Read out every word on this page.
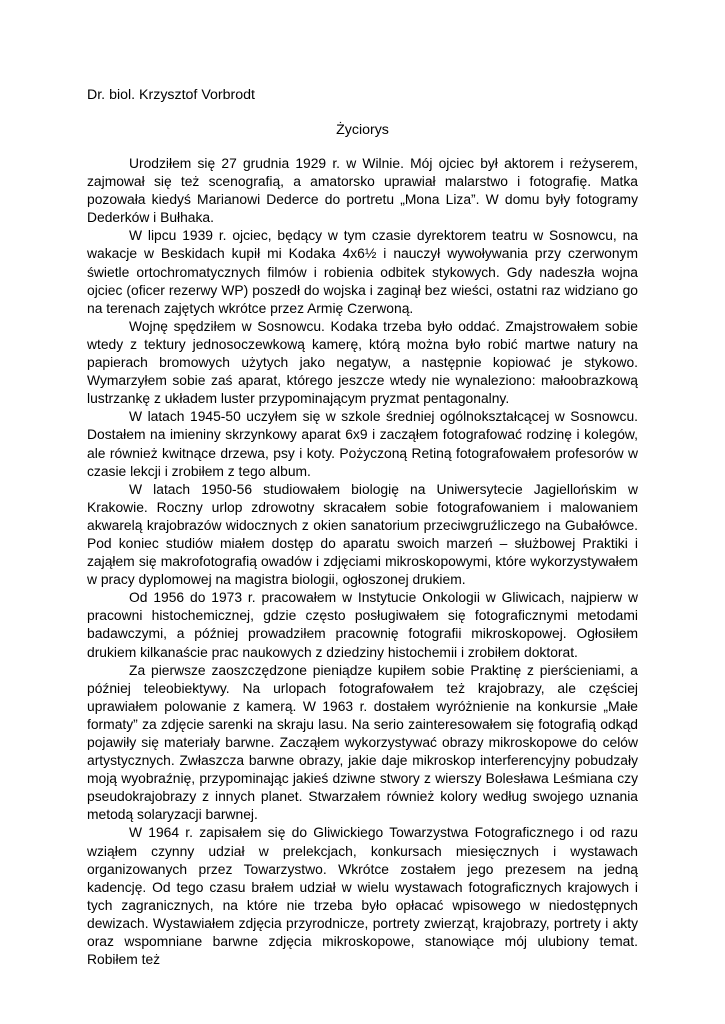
Dr. biol. Krzysztof Vorbrodt
Życiorys

Urodziłem się 27 grudnia 1929 r. w Wilnie. Mój ojciec był aktorem i reżyserem, zajmował się też scenografią, a amatorsko uprawiał malarstwo i fotografię. Matka pozowała kiedyś Marianowi Dederce do portretu „Mona Liza”. W domu były fotogramy Dederków i Bułhaka.

W lipcu 1939 r. ojciec, będący w tym czasie dyrektorem teatru w Sosnowcu, na wakacje w Beskidach kupił mi Kodaka 4x6½ i nauczył wywoływania przy czerwonym świetle ortochromatycznych filmów i robienia odbitek stykowych. Gdy nadeszła wojna ojciec (oficer rezerwy WP) poszedł do wojska i zaginął bez wieści, ostatni raz widziano go na terenach zajętych wkrótce przez Armię Czerwoną.

Wojnę spędziłem w Sosnowcu. Kodaka trzeba było oddać. Zmajstrowałem sobie wtedy z tektury jednosoczewkową kamerę, którą można było robić martwe natury na papierach bromowych użytych jako negatyw, a następnie kopiować je stykowo. Wymarzyłem sobie zaś aparat, którego jeszcze wtedy nie wynaleziono: małoobrazkową lustrzankę z układem luster przypominającym pryzmat pentagonalny.

W latach 1945-50 uczyłem się w szkole średniej ogólnokształcącej w Sosnowcu. Dostałem na imieniny skrzynkowy aparat 6x9 i zacząłem fotografować rodzinę i kolegów, ale również kwitnące drzewa, psy i koty. Pożyczoną Retiną fotografowałem profesorów w czasie lekcji i zrobiłem z tego album.

W latach 1950-56 studiowałem biologię na Uniwersytecie Jagiellońskim w Krakowie. Roczny urlop zdrowotny skracałem sobie fotografowaniem i malowaniem akwarelą krajobrazów widocznych z okien sanatorium przeciwgruźliczego na Gubałówce. Pod koniec studiów miałem dostęp do aparatu swoich marzeń – służbowej Praktiki i zająłem się makrofotografią owadów i zdjęciami mikroskopowymi, które wykorzystywałem w pracy dyplomowej na magistra biologii, ogłoszonej drukiem.

Od 1956 do 1973 r. pracowałem w Instytucie Onkologii w Gliwicach, najpierw w pracowni histochemicznej, gdzie często posługiwałem się fotograficznymi metodami badawczymi, a później prowadziłem pracownię fotografii mikroskopowej. Ogłosiłem drukiem kilkanaście prac naukowych z dziedziny histochemii i zrobiłem doktorat.

Za pierwsze zaoszczędzone pieniądze kupiłem sobie Praktinę z pierścieniami, a później teleobiektywy. Na urlopach fotografowałem też krajobrazy, ale częściej uprawiałem polowanie z kamerą. W 1963 r. dostałem wyróżnienie na konkursie „Małe formaty” za zdjęcie sarenki na skraju lasu. Na serio zainteresowałem się fotografią odkąd pojawiły się materiały barwne. Zacząłem wykorzystywać obrazy mikroskopowe do celów artystycznych. Zwłaszcza barwne obrazy, jakie daje mikroskop interferencyjny pobudzały moją wyobraźnię, przypominając jakieś dziwne stwory z wierszy Bolesława Leśmiana czy pseudokrajobrazy z innych planet. Stwarzałem również kolory według swojego uznania metodą solaryzacji barwnej.

W 1964 r. zapisałem się do Gliwickiego Towarzystwa Fotograficznego i od razu wziąłem czynny udział w prelekcjach, konkursach miesięcznych i wystawach organizowanych przez Towarzystwo. Wkrótce zostałem jego prezesem na jedną kadencję. Od tego czasu brałem udział w wielu wystawach fotograficznych krajowych i tych zagranicznych, na które nie trzeba było opłacać wpisowego w niedostępnych dewizach. Wystawiałem zdjęcia przyrodnicze, portrety zwierząt, krajobrazy, portrety i akty oraz wspomniane barwne zdjęcia mikroskopowe, stanowiące mój ulubiony temat. Robiłem też
